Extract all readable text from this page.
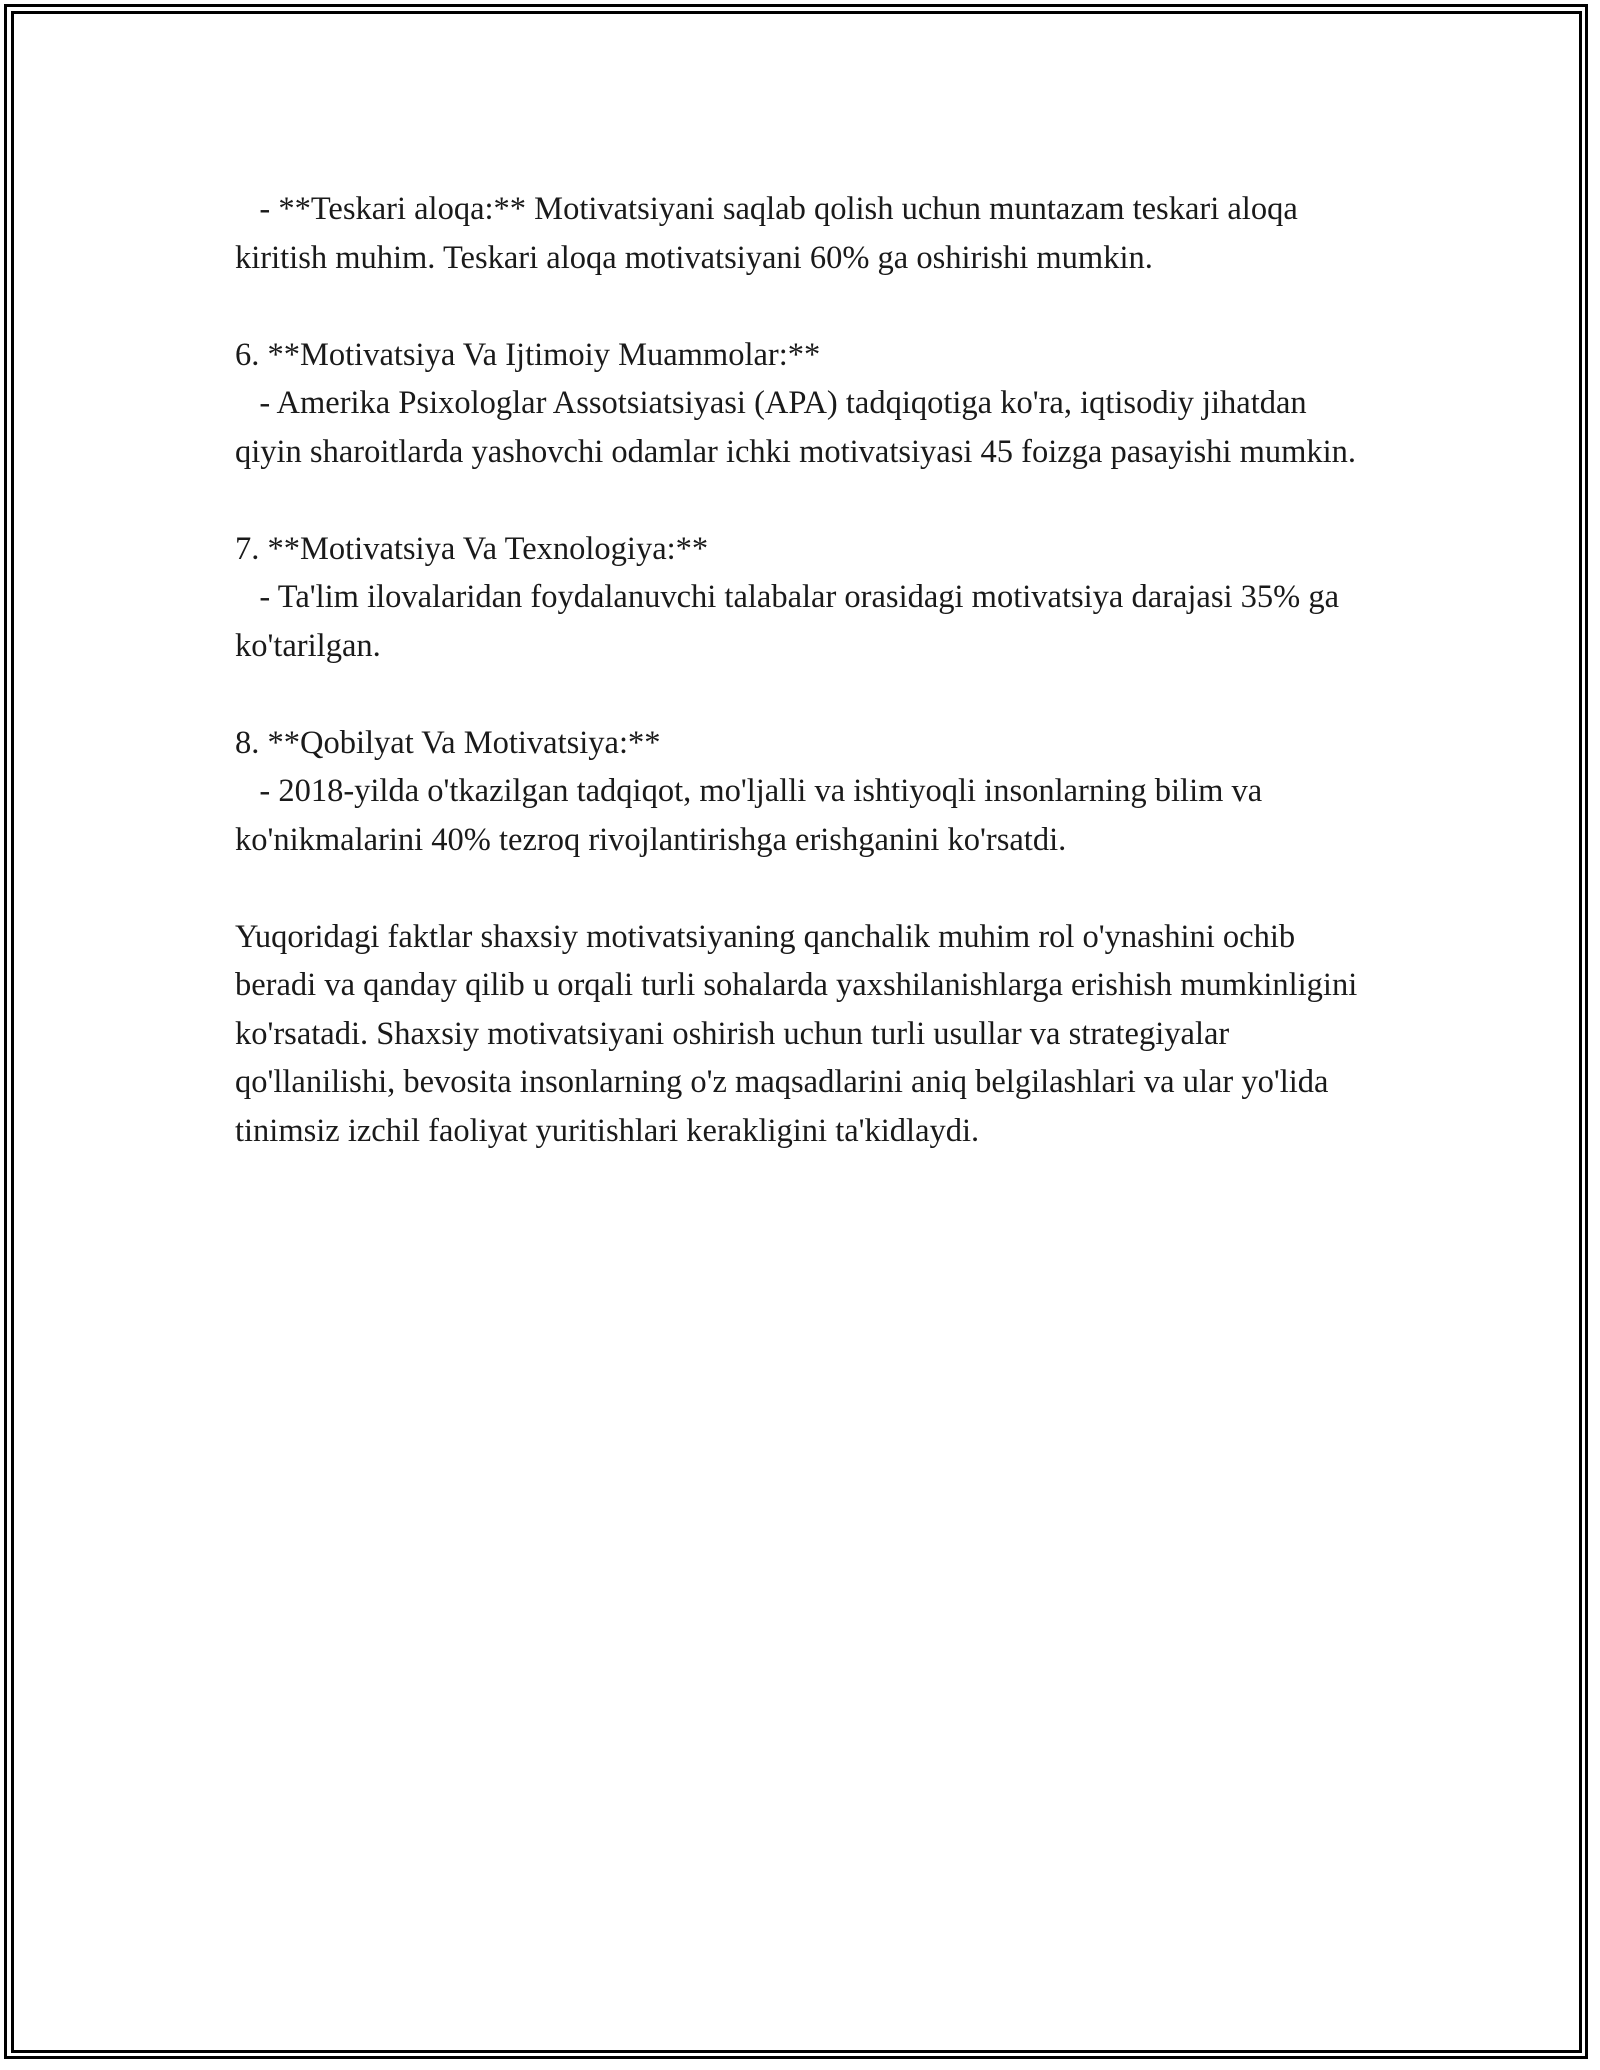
- **Teskari aloqa:** Motivatsiyani saqlab qolish uchun muntazam teskari aloqa kiritish muhim. Teskari aloqa motivatsiyani 60% ga oshirishi mumkin.

6. **Motivatsiya Va Ijtimoiy Muammolar:**

- Amerika Psixologlar Assotsiatsiyasi (APA) tadqiqotiga ko'ra, iqtisodiy jihatdan qiyin sharoitlarda yashovchi odamlar ichki motivatsiyasi 45 foizga pasayishi mumkin.

7. **Motivatsiya Va Texnologiya:**

- Ta'lim ilovalaridan foydalanuvchi talabalar orasidagi motivatsiya darajasi 35% ga ko'tarilgan.

8. **Qobilyat Va Motivatsiya:**

- 2018-yilda o'tkazilgan tadqiqot, mo'ljalli va ishtiyoqli insonlarning bilim va ko'nikmalarini 40% tezroq rivojlantirishga erishganini ko'rsatdi.

Yuqoridagi faktlar shaxsiy motivatsiyaning qanchalik muhim rol o'ynashini ochib beradi va qanday qilib u orqali turli sohalarda yaxshilanishlarga erishish mumkinligini ko'rsatadi. Shaxsiy motivatsiyani oshirish uchun turli usullar va strategiyalar qo'llanilishi, bevosita insonlarning o'z maqsadlarini aniq belgilashlari va ular yo'lida tinimsiz izchil faoliyat yuritishlari kerakligini ta'kidlaydi.
